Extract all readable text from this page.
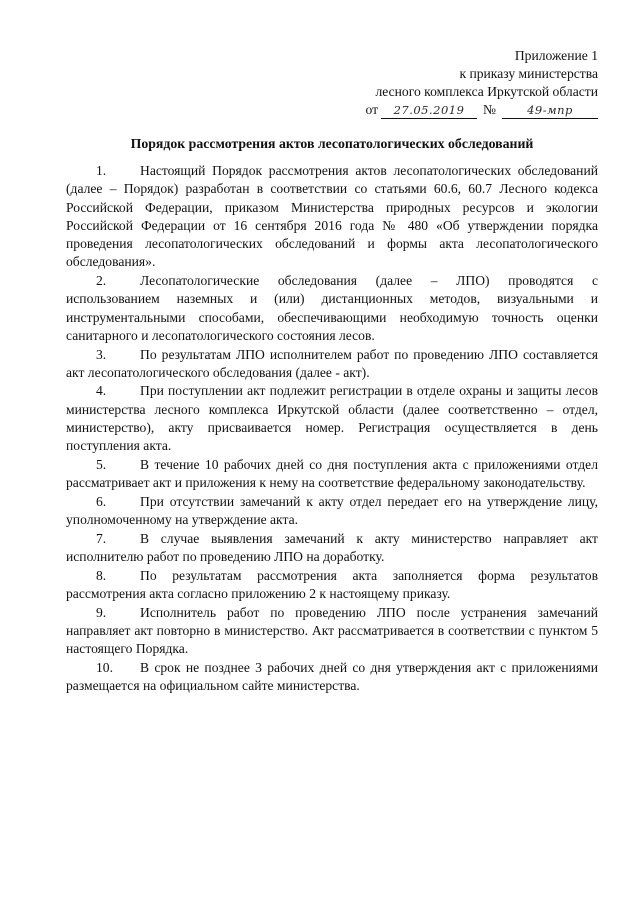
Приложение 1
к приказу министерства
лесного комплекса Иркутской области
от	27.05.2019	№	49-мпр
Порядок рассмотрения актов лесопатологических обследований

1. Настоящий Порядок рассмотрения актов лесопатологических обследований (далее – Порядок) разработан в соответствии со статьями 60.6, 60.7 Лесного кодекса Российской Федерации, приказом Министерства природных ресурсов и экологии Российской Федерации от 16 сентября 2016 года № 480 «Об утверждении порядка проведения лесопатологических обследований и формы акта лесопатологического обследования».

2. Лесопатологические обследования (далее – ЛПО) проводятся с использованием наземных и (или) дистанционных методов, визуальными и инструментальными способами, обеспечивающими необходимую точность оценки санитарного и лесопатологического состояния лесов.

3. По результатам ЛПО исполнителем работ по проведению ЛПО составляется акт лесопатологического обследования (далее - акт).

4. При поступлении акт подлежит регистрации в отделе охраны и защиты лесов министерства лесного комплекса Иркутской области (далее соответственно – отдел, министерство), акту присваивается номер. Регистрация осуществляется в день поступления акта.

5. В течение 10 рабочих дней со дня поступления акта с приложениями отдел рассматривает акт и приложения к нему на соответствие федеральному законодательству.

6. При отсутствии замечаний к акту отдел передает его на утверждение лицу, уполномоченному на утверждение акта.

7. В случае выявления замечаний к акту министерство направляет акт исполнителю работ по проведению ЛПО на доработку.

8. По результатам рассмотрения акта заполняется форма результатов рассмотрения акта согласно приложению 2 к настоящему приказу.

9. Исполнитель работ по проведению ЛПО после устранения замечаний направляет акт повторно в министерство. Акт рассматривается в соответствии с пунктом 5 настоящего Порядка.

10. В срок не позднее 3 рабочих дней со дня утверждения акт с приложениями размещается на официальном сайте министерства.
